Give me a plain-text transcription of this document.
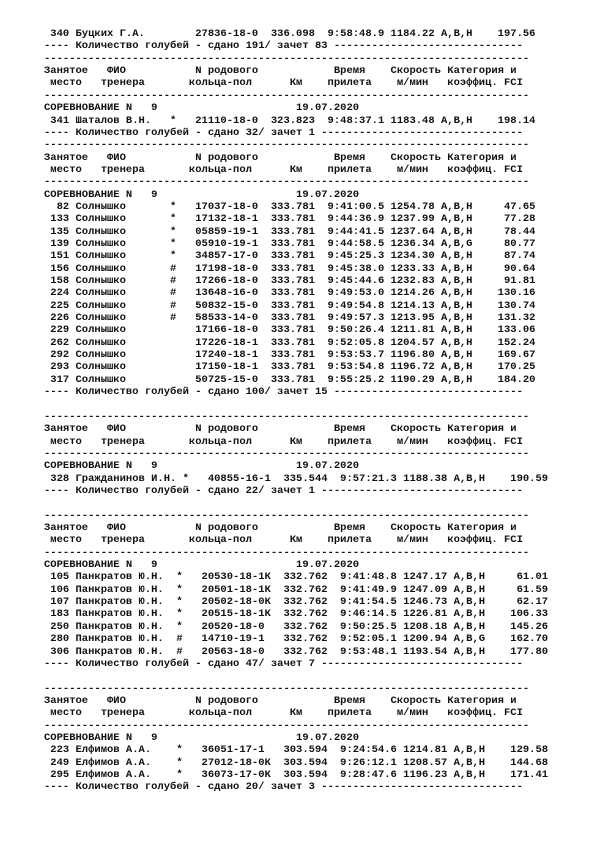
340 Буцких Г.А.        27836-18-0  336.098  9:58:48.9 1184.22 А,В,Н    197.56
---- Количество голубей - сдано 191/ зачет 83 ------------------------------
-----------------------------------------------------------------------------
Занятое   ФИО           N родового            Время    Скорость Категория и
место   тренера       кольца-пол      Км    прилета    м/мин   коэффиц. FCI
-----------------------------------------------------------------------------
СОРЕВНОВАНИЕ N   9                      19.07.2020
341 Шаталов В.Н.   *   21110-18-0  323.823  9:48:37.1 1183.48 А,В,Н    198.14
---- Количество голубей - сдано 32/ зачет 1 --------------------------------
-----------------------------------------------------------------------------
Занятое   ФИО           N родового            Время    Скорость Категория и
место   тренера       кольца-пол      Км    прилета    м/мин   коэффиц. FCI
-----------------------------------------------------------------------------
СОРЕВНОВАНИЕ N   9                      19.07.2020
82 Солнышко       *   17037-18-0  333.781  9:41:00.5 1254.78 А,В,Н     47.65
133 Солнышко       *   17132-18-1  333.781  9:44:36.9 1237.99 А,В,Н     77.28
135 Солнышко       *   05859-19-1  333.781  9:44:41.5 1237.64 А,В,Н     78.44
139 Солнышко       *   05910-19-1  333.781  9:44:58.5 1236.34 А,В,G     80.77
151 Солнышко       *   34857-17-0  333.781  9:45:25.3 1234.30 А,В,Н     87.74
156 Солнышко       #   17198-18-0  333.781  9:45:38.0 1233.33 А,В,Н     90.64
158 Солнышко       #   17266-18-0  333.781  9:45:44.6 1232.83 А,В,Н     91.81
224 Солнышко       #   13648-16-0  333.781  9:49:53.0 1214.26 А,В,Н    130.16
225 Солнышко       #   50832-15-0  333.781  9:49:54.8 1214.13 А,В,Н    130.74
226 Солнышко       #   58533-14-0  333.781  9:49:57.3 1213.95 А,В,Н    131.32
229 Солнышко           17166-18-0  333.781  9:50:26.4 1211.81 А,В,Н    133.06
262 Солнышко           17226-18-1  333.781  9:52:05.8 1204.57 А,В,Н    152.24
292 Солнышко           17240-18-1  333.781  9:53:53.7 1196.80 А,В,Н    169.67
293 Солнышко           17150-18-1  333.781  9:53:54.8 1196.72 А,В,Н    170.25
317 Солнышко           50725-15-0  333.781  9:55:25.2 1190.29 А,В,Н    184.20
---- Количество голубей - сдано 100/ зачет 15 ------------------------------
-----------------------------------------------------------------------------
Занятое   ФИО           N родового            Время    Скорость Категория и
место   тренера       кольца-пол      Км    прилета    м/мин   коэффиц. FCI
-----------------------------------------------------------------------------
СОРЕВНОВАНИЕ N   9                      19.07.2020
328 Гражданинов И.Н. *   40855-16-1  335.544  9:57:21.3 1188.38 А,В,Н    190.59
---- Количество голубей - сдано 22/ зачет 1 --------------------------------
-----------------------------------------------------------------------------
Занятое   ФИО           N родового            Время    Скорость Категория и
место   тренера       кольца-пол      Км    прилета    м/мин   коэффиц. FCI
-----------------------------------------------------------------------------
СОРЕВНОВАНИЕ N   9                      19.07.2020
105 Панкратов Ю.Н.  *   20530-18-1К  332.762  9:41:48.8 1247.17 А,В,Н     61.01
106 Панкратов Ю.Н.  *   20501-18-1К  332.762  9:41:49.9 1247.09 А,В,Н     61.59
107 Панкратов Ю.Н.  *   20502-18-0К  332.762  9:41:54.5 1246.73 А,В,Н     62.17
183 Панкратов Ю.Н.  *   20515-18-1К  332.762  9:46:14.5 1226.81 А,В,Н    106.33
250 Панкратов Ю.Н.  *   20520-18-0   332.762  9:50:25.5 1208.18 А,В,Н    145.26
280 Панкратов Ю.Н.  #   14710-19-1   332.762  9:52:05.1 1200.94 А,В,G    162.70
306 Панкратов Ю.Н.  #   20563-18-0   332.762  9:53:48.1 1193.54 А,В,Н    177.80
---- Количество голубей - сдано 47/ зачет 7 --------------------------------
-----------------------------------------------------------------------------
Занятое   ФИО           N родового            Время    Скорость Категория и
место   тренера       кольца-пол      Км    прилета    м/мин   коэффиц. FCI
-----------------------------------------------------------------------------
СОРЕВНОВАНИЕ N   9                      19.07.2020
223 Елфимов А.А.    *   36051-17-1   303.594  9:24:54.6 1214.81 А,В,Н    129.58
249 Елфимов А.А.    *   27012-18-0К  303.594  9:26:12.1 1208.57 А,В,Н    144.68
295 Елфимов А.А.    *   36073-17-0К  303.594  9:28:47.6 1196.23 А,В,Н    171.41
---- Количество голубей - сдано 20/ зачет 3 --------------------------------
